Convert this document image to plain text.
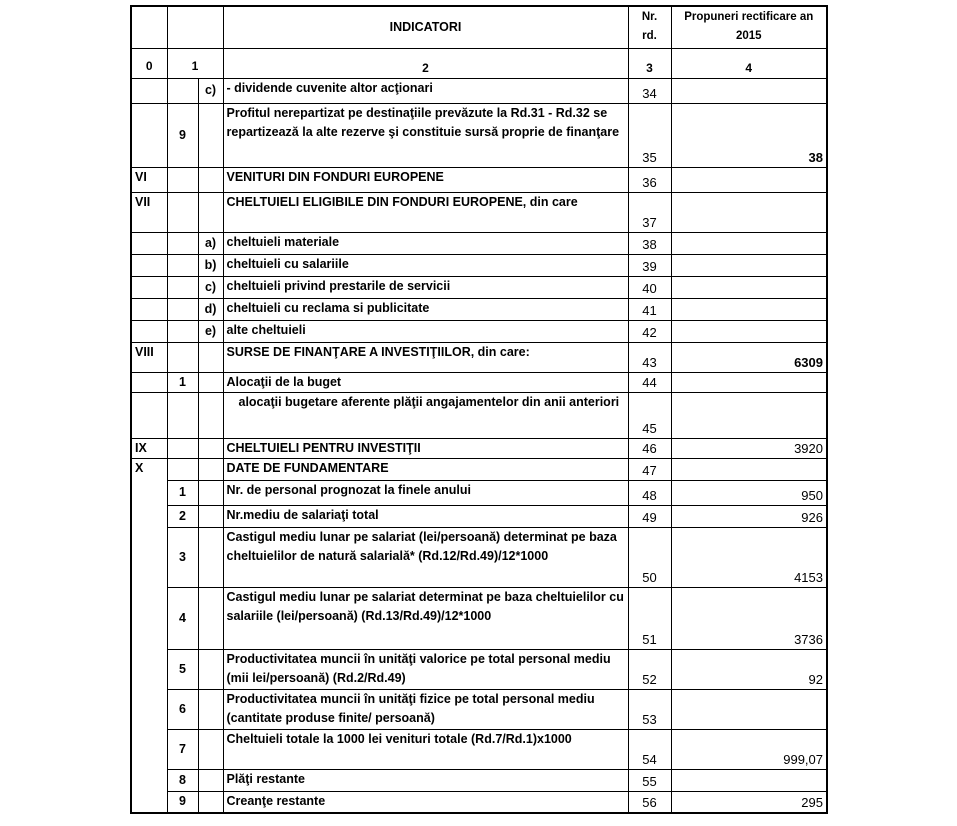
			INDICATORI	Nr.
rd.	Propuneri rectificare an 2015
0	1		2	3	4
		c)	- dividende cuvenite altor acţionari	34	
	9		Profitul nerepartizat pe destinaţiile prevăzute la Rd.31 - Rd.32 se repartizează la alte rezerve şi constituie sursă proprie de finanţare	35	38
VI			VENITURI DIN FONDURI EUROPENE	36	
VII			CHELTUIELI ELIGIBILE DIN FONDURI EUROPENE, din care	37	
		a)	cheltuieli materiale	38	
		b)	cheltuieli cu salariile	39	
		c)	cheltuieli privind prestarile de servicii	40	
		d)	cheltuieli cu reclama si publicitate	41	
		e)	alte cheltuieli	42	
VIII			SURSE DE FINANŢARE A INVESTIŢIILOR, din care:	43	6309
	1		Alocaţii de la buget	44	
			alocaţii bugetare aferente plăţii angajamentelor din anii anteriori	45	
IX			CHELTUIELI PENTRU INVESTIŢII	46	3920
X			DATE DE FUNDAMENTARE	47	
	1		Nr. de personal prognozat la finele anului	48	950
	2		Nr.mediu de salariaţi total	49	926
	3		Castigul mediu lunar pe salariat (lei/persoană) determinat pe baza cheltuielilor de natură salarială* (Rd.12/Rd.49)/12*1000	50	4153
	4		Castigul mediu lunar pe salariat determinat pe baza cheltuielilor cu salariile (lei/persoană) (Rd.13/Rd.49)/12*1000	51	3736
	5		Productivitatea muncii în unităţi valorice pe total personal mediu (mii lei/persoană) (Rd.2/Rd.49)	52	92
	6		Productivitatea muncii în unităţi fizice pe total personal mediu (cantitate produse finite/ persoană)	53	
	7		Cheltuieli totale la 1000 lei venituri totale (Rd.7/Rd.1)x1000	54	999,07
	8		Plăţi restante	55	
	9		Creanţe restante	56	295
